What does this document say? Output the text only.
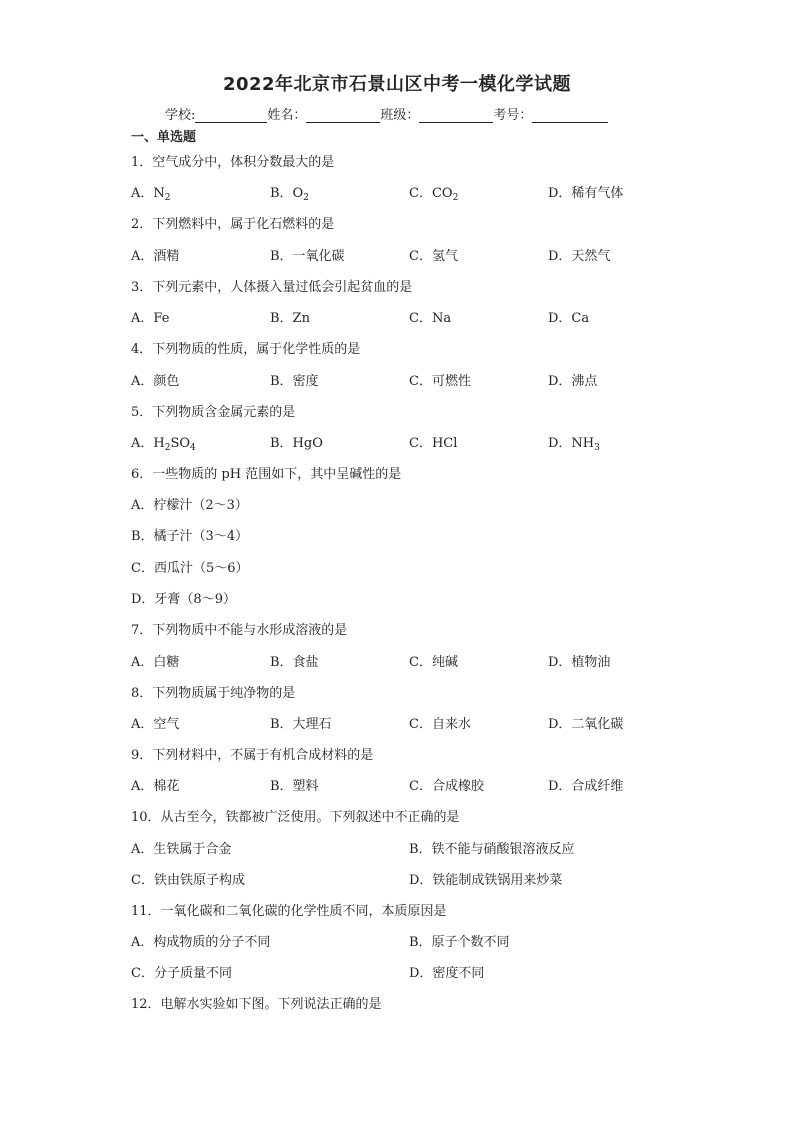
2022年北京市石景山区中考一模化学试题
学校:	姓名：	班级：	考号：
一、单选题
1．空气成分中，体积分数最大的是
A．$N_2$	B．$O_2$	C．$CO_2$	D．稀有气体
2．下列燃料中，属于化石燃料的是
A．酒精	B．一氧化碳	C．氢气	D．天然气
3．下列元素中，人体摄入量过低会引起贫血的是
A．Fe	B．Zn	C．Na	D．Ca
4．下列物质的性质，属于化学性质的是
A．颜色	B．密度	C．可燃性	D．沸点
5．下列物质含金属元素的是
A．$H_2SO_4$	B．HgO	C．HCl	D．$NH_3$
6．一些物质的 pH 范围如下，其中呈碱性的是
A．柠檬汁（2～3）
B．橘子汁（3～4）
C．西瓜汁（5～6）
D．牙膏（8～9）
7．下列物质中不能与水形成溶液的是
A．白糖	B．食盐	C．纯碱	D．植物油
8．下列物质属于纯净物的是
A．空气	B．大理石	C．自来水	D．二氧化碳
9．下列材料中，不属于有机合成材料的是
A．棉花	B．塑料	C．合成橡胶	D．合成纤维
10．从古至今，铁都被广泛使用。下列叙述中不正确的是
A．生铁属于合金	B．铁不能与硝酸银溶液反应
C．铁由铁原子构成	D．铁能制成铁锅用来炒菜
11．一氧化碳和二氧化碳的化学性质不同，本质原因是
A．构成物质的分子不同	B．原子个数不同
C．分子质量不同	D．密度不同
12．电解水实验如下图。下列说法正确的是
